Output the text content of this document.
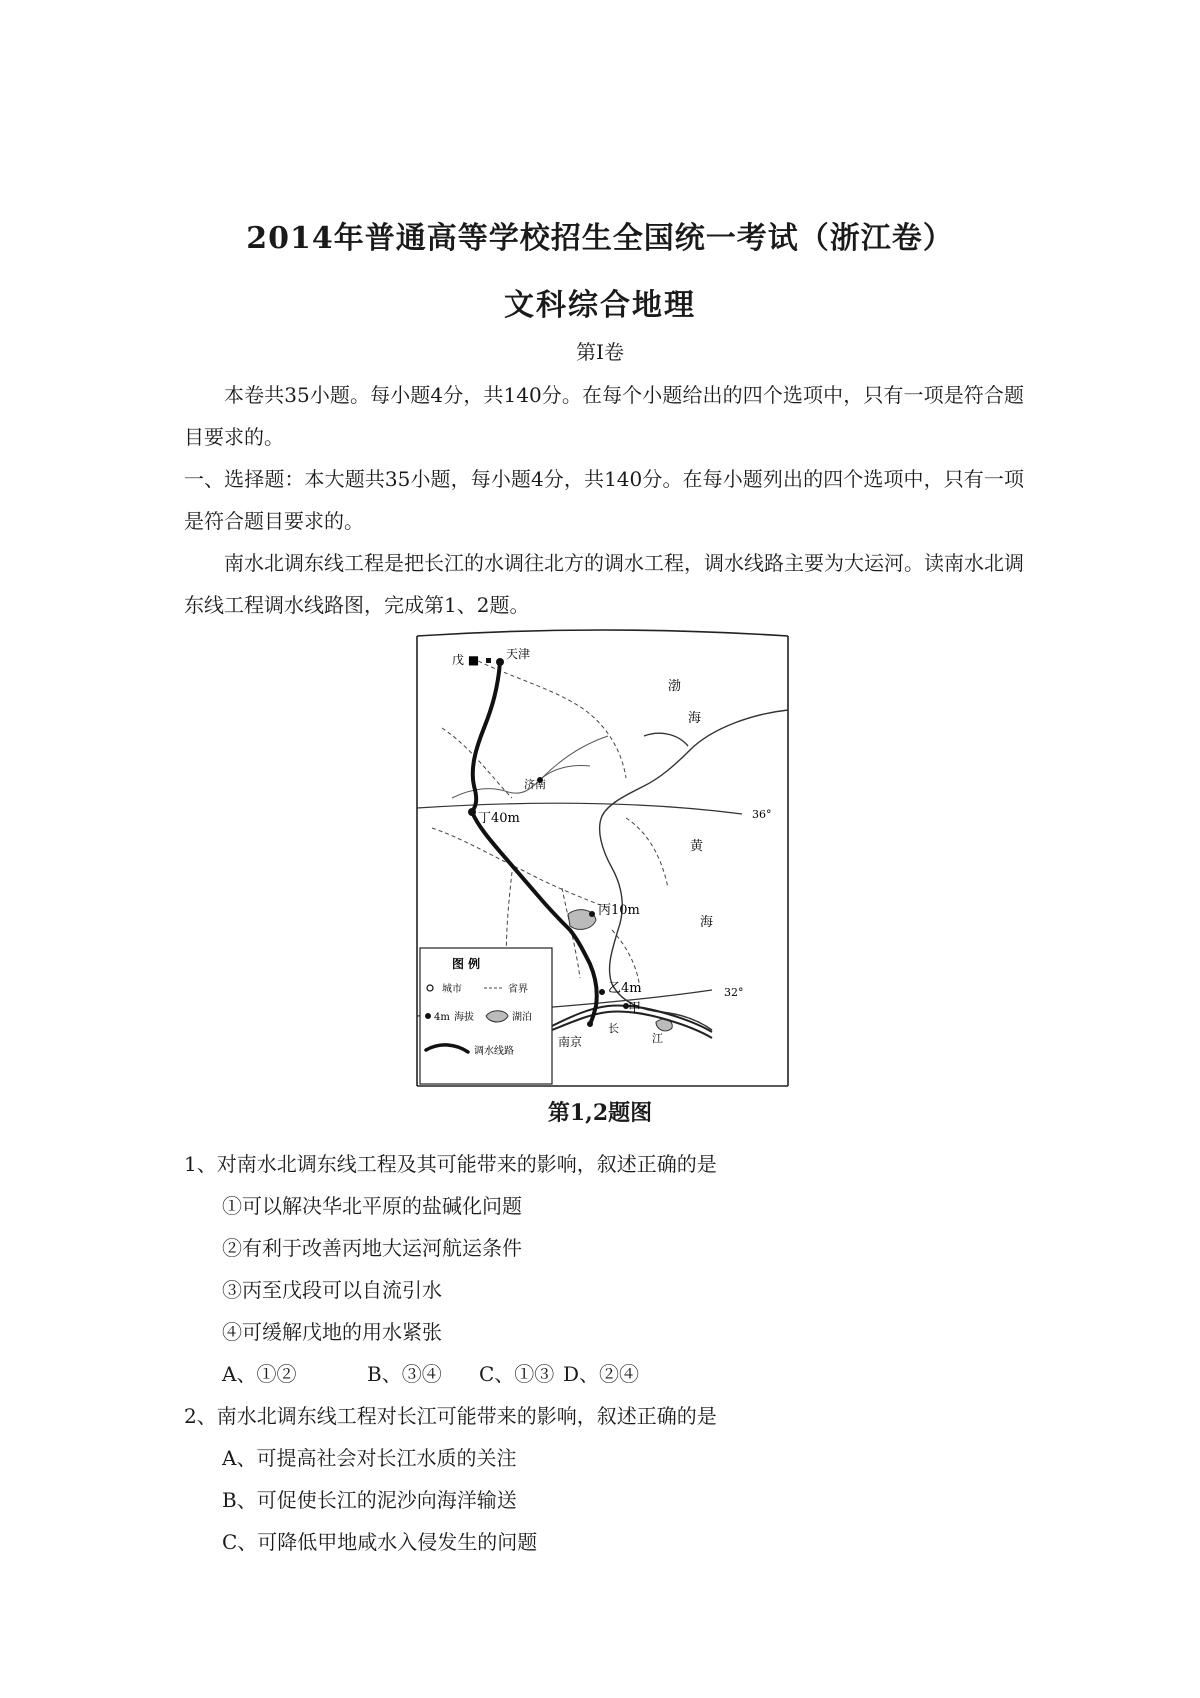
2014年普通高等学校招生全国统一考试（浙江卷）
文科综合地理
第Ⅰ卷
本卷共35小题。每小题4分，共140分。在每个小题给出的四个选项中，只有一项是符合题目要求的。
一、选择题：本大题共35小题，每小题4分，共140分。在每小题列出的四个选项中，只有一项是符合题目要求的。
南水北调东线工程是把长江的水调往北方的调水工程，调水线路主要为大运河。读南水北调东线工程调水线路图，完成第1、2题。
36°
32°
天津
戊 ■
济南
丁40m
丙10m
乙4m
甲
南京
渤
海
黄
海
长
江
图 例
城市	省界
4m 海拔	湖泊
调水线路
第1,2题图
1、对南水北调东线工程及其可能带来的影响，叙述正确的是
①可以解决华北平原的盐碱化问题
②有利于改善丙地大运河航运条件
③丙至戊段可以自流引水
④可缓解戊地的用水紧张
A、①②	B、③④ C、①③ D、②④
2、南水北调东线工程对长江可能带来的影响，叙述正确的是
A、可提高社会对长江水质的关注
B、可促使长江的泥沙向海洋输送
C、可降低甲地咸水入侵发生的问题
